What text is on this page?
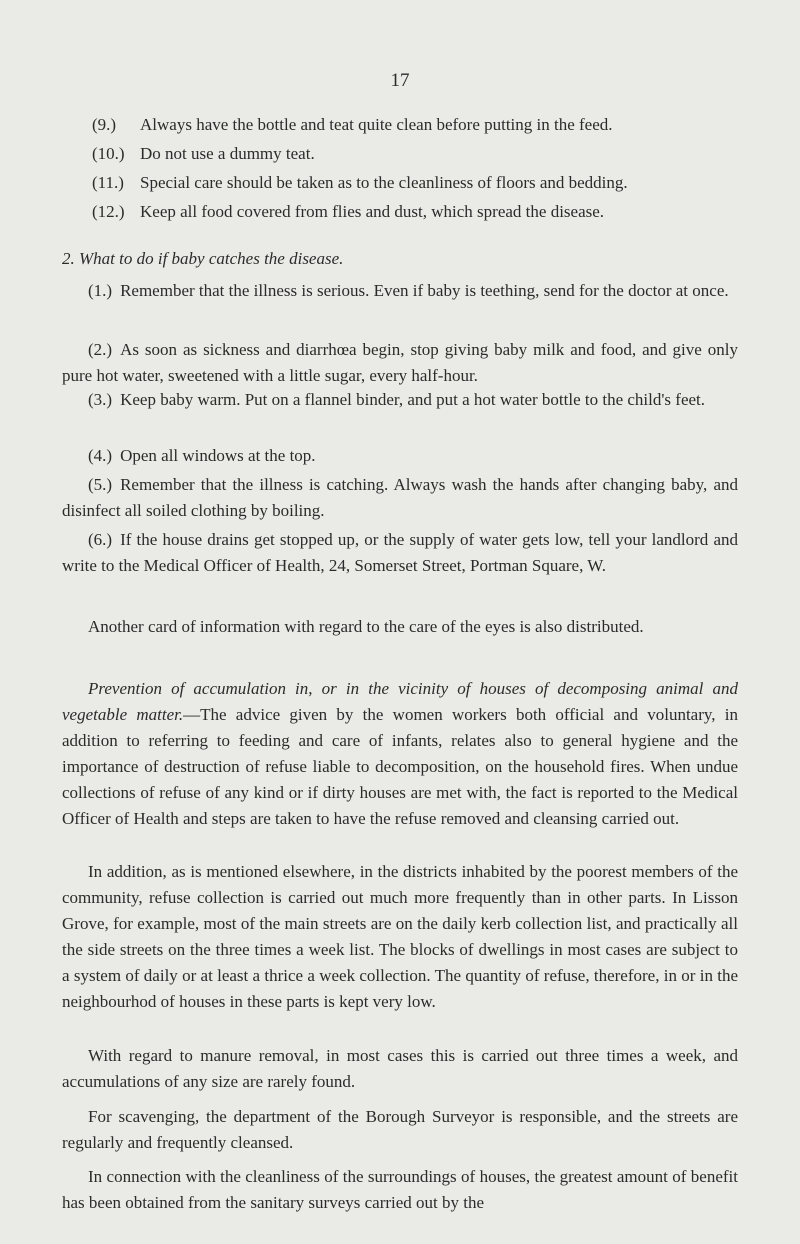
17
(9.) Always have the bottle and teat quite clean before putting in the feed.
(10.) Do not use a dummy teat.
(11.) Special care should be taken as to the cleanliness of floors and bedding.
(12.) Keep all food covered from flies and dust, which spread the disease.
2. What to do if baby catches the disease.
(1.) Remember that the illness is serious. Even if baby is teething, send for the doctor at once.
(2.) As soon as sickness and diarrhœa begin, stop giving baby milk and food, and give only pure hot water, sweetened with a little sugar, every half-hour.
(3.) Keep baby warm. Put on a flannel binder, and put a hot water bottle to the child's feet.
(4.) Open all windows at the top.
(5.) Remember that the illness is catching. Always wash the hands after changing baby, and disinfect all soiled clothing by boiling.
(6.) If the house drains get stopped up, or the supply of water gets low, tell your landlord and write to the Medical Officer of Health, 24, Somerset Street, Portman Square, W.
Another card of information with regard to the care of the eyes is also distributed.
Prevention of accumulation in, or in the vicinity of houses of decomposing animal and vegetable matter.—The advice given by the women workers both official and voluntary, in addition to referring to feeding and care of infants, relates also to general hygiene and the importance of destruction of refuse liable to decomposition, on the household fires. When undue collections of refuse of any kind or if dirty houses are met with, the fact is reported to the Medical Officer of Health and steps are taken to have the refuse removed and cleansing carried out.
In addition, as is mentioned elsewhere, in the districts inhabited by the poorest members of the community, refuse collection is carried out much more frequently than in other parts. In Lisson Grove, for example, most of the main streets are on the daily kerb collection list, and practically all the side streets on the three times a week list. The blocks of dwellings in most cases are subject to a system of daily or at least a thrice a week collection. The quantity of refuse, therefore, in or in the neighbourhod of houses in these parts is kept very low.
With regard to manure removal, in most cases this is carried out three times a week, and accumulations of any size are rarely found.
For scavenging, the department of the Borough Surveyor is responsible, and the streets are regularly and frequently cleansed.
In connection with the cleanliness of the surroundings of houses, the greatest amount of benefit has been obtained from the sanitary surveys carried out by the
